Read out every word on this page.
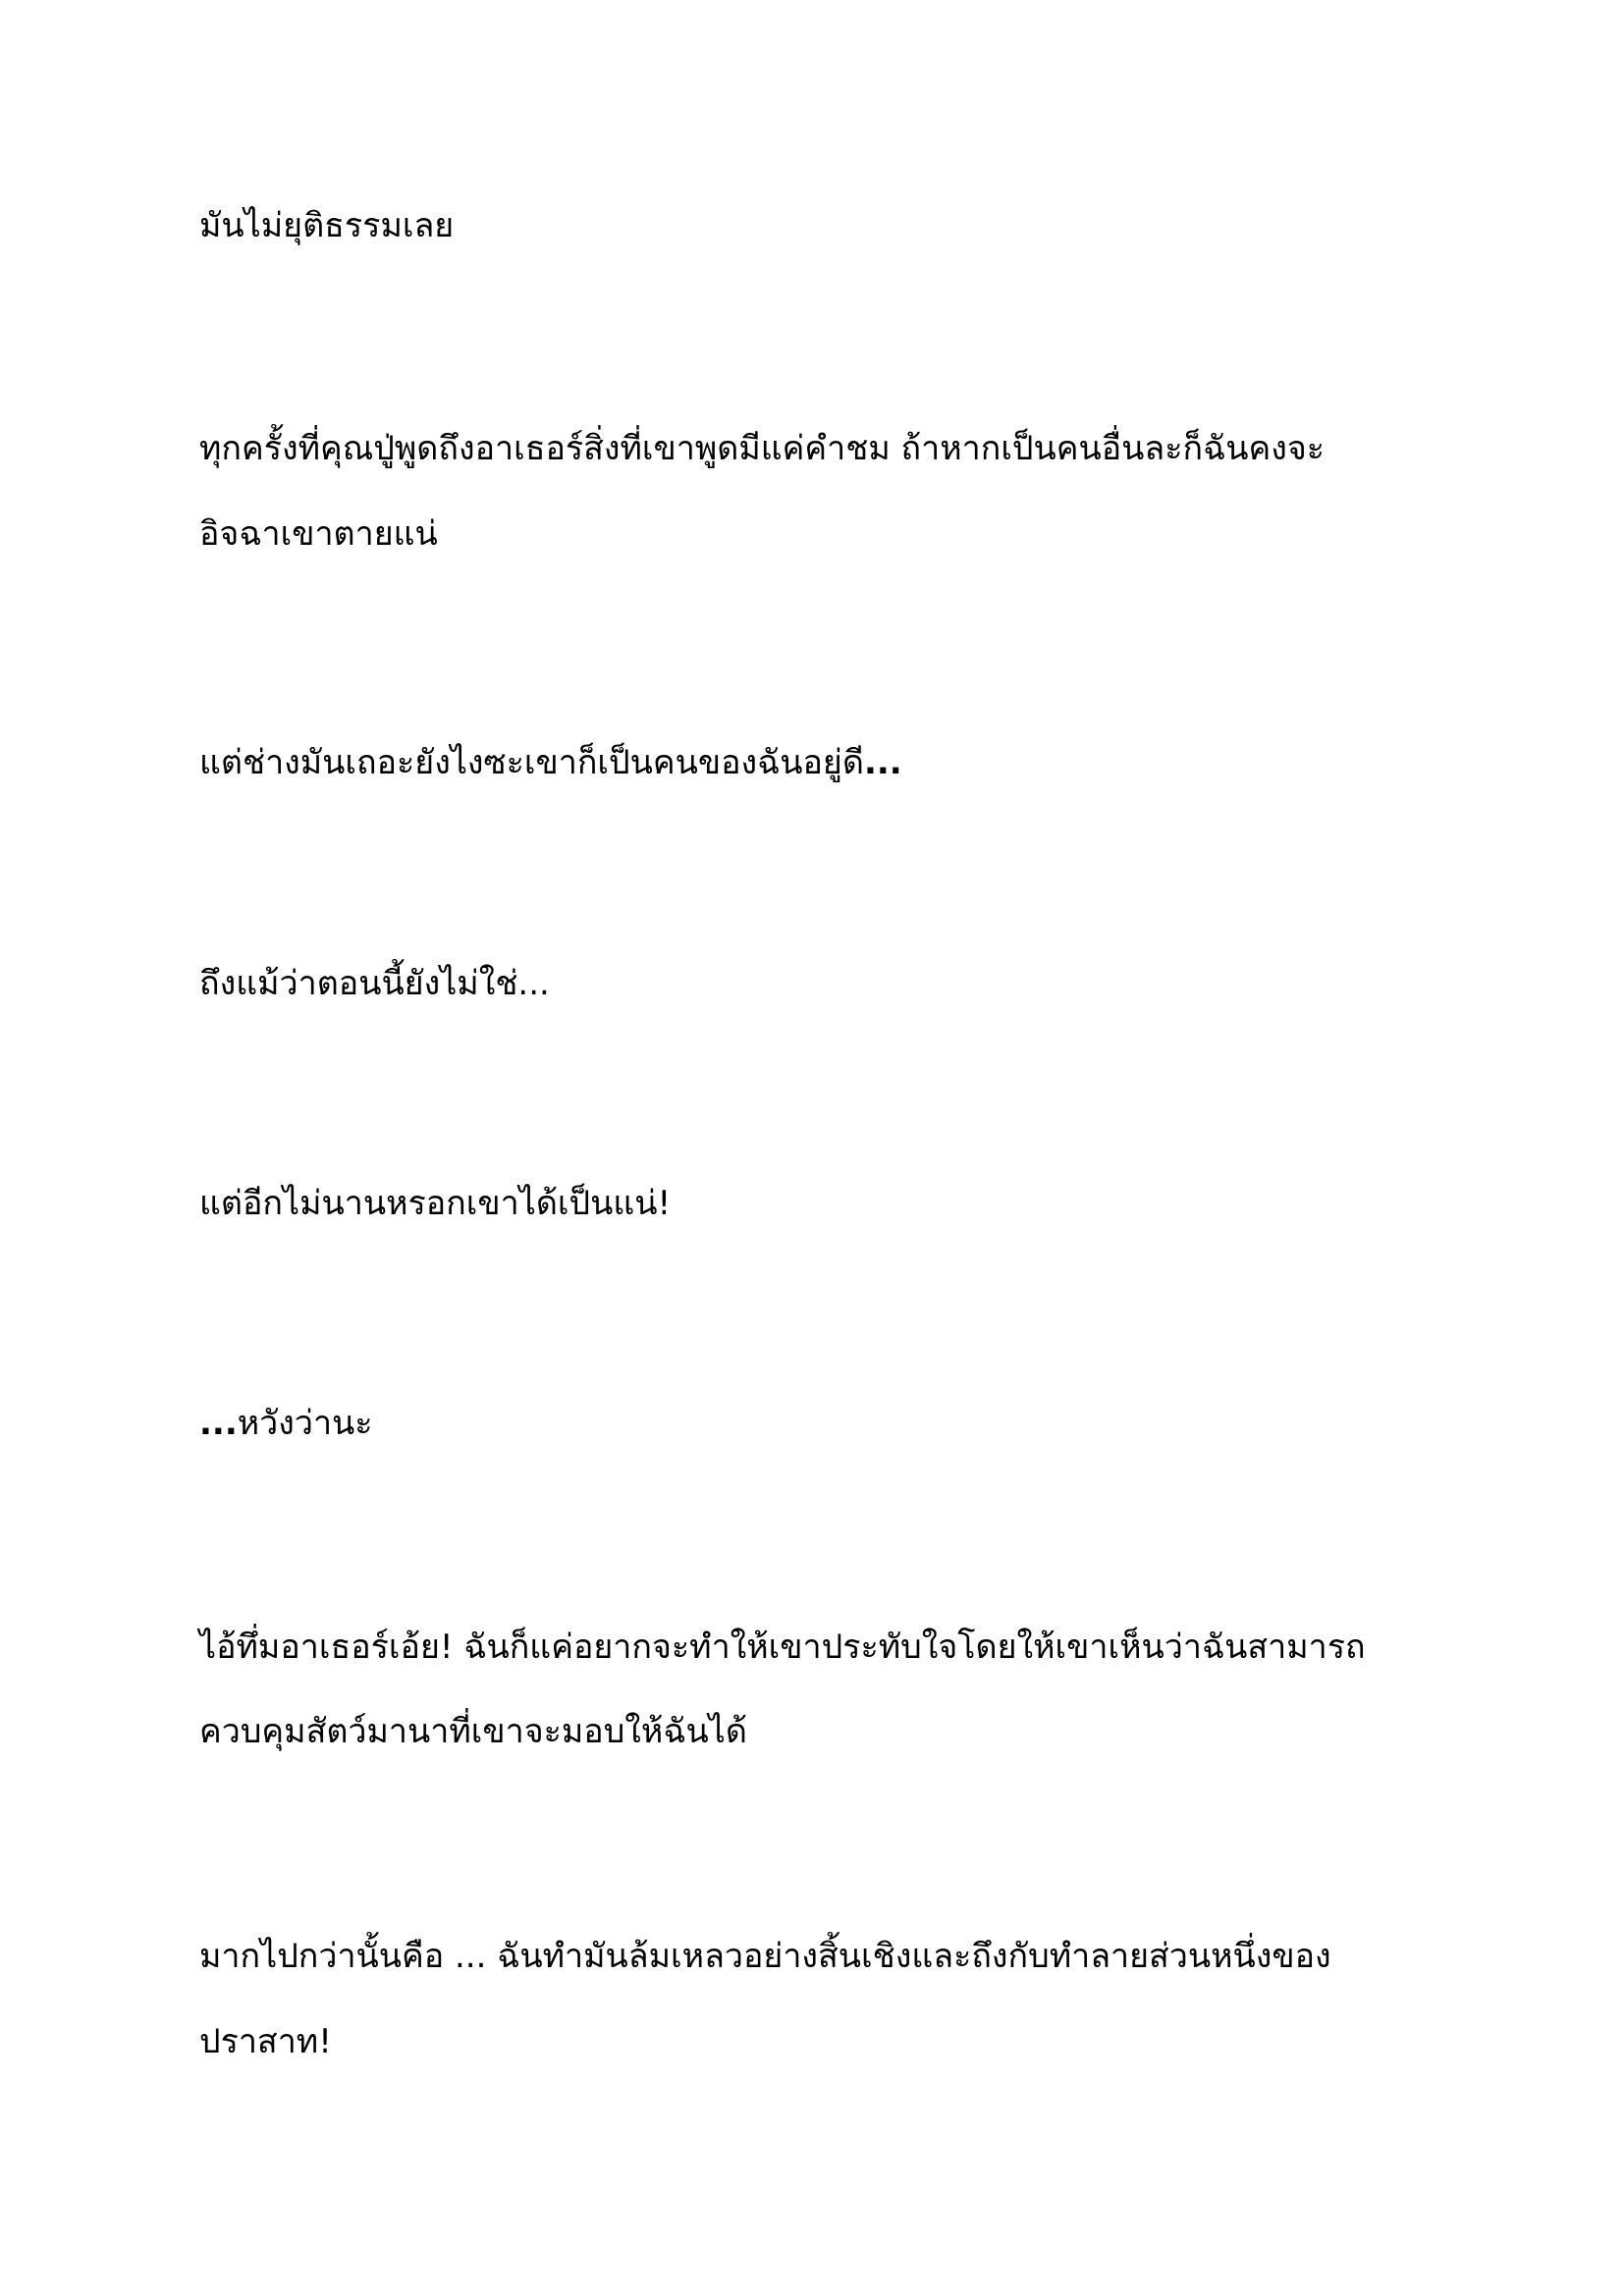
มันไม่ยุติธรรมเลย

ทุกครั้งที่คุณปู่พูดถึงอาเธอร์สิ่งที่เขาพูดมีแค่คำชม ถ้าหากเป็นคนอื่นละก็ฉันคงจะ

อิจฉาเขาตายแน่

แต่ช่างมันเถอะยังไงซะเขาก็เป็นคนของฉันอยู่ดี...

ถึงแม้ว่าตอนนี้ยังไม่ใช่...

แต่อีกไม่นานหรอกเขาได้เป็นแน่!

...หวังว่านะ

ไอ้ทึ่มอาเธอร์เอ้ย! ฉันก็แค่อยากจะทำให้เขาประทับใจโดยให้เขาเห็นว่าฉันสามารถ

ควบคุมสัตว์มานาที่เขาจะมอบให้ฉันได้

มากไปกว่านั้นคือ ... ฉันทำมันล้มเหลวอย่างสิ้นเชิงและถึงกับทำลายส่วนหนึ่งของ

ปราสาท!
